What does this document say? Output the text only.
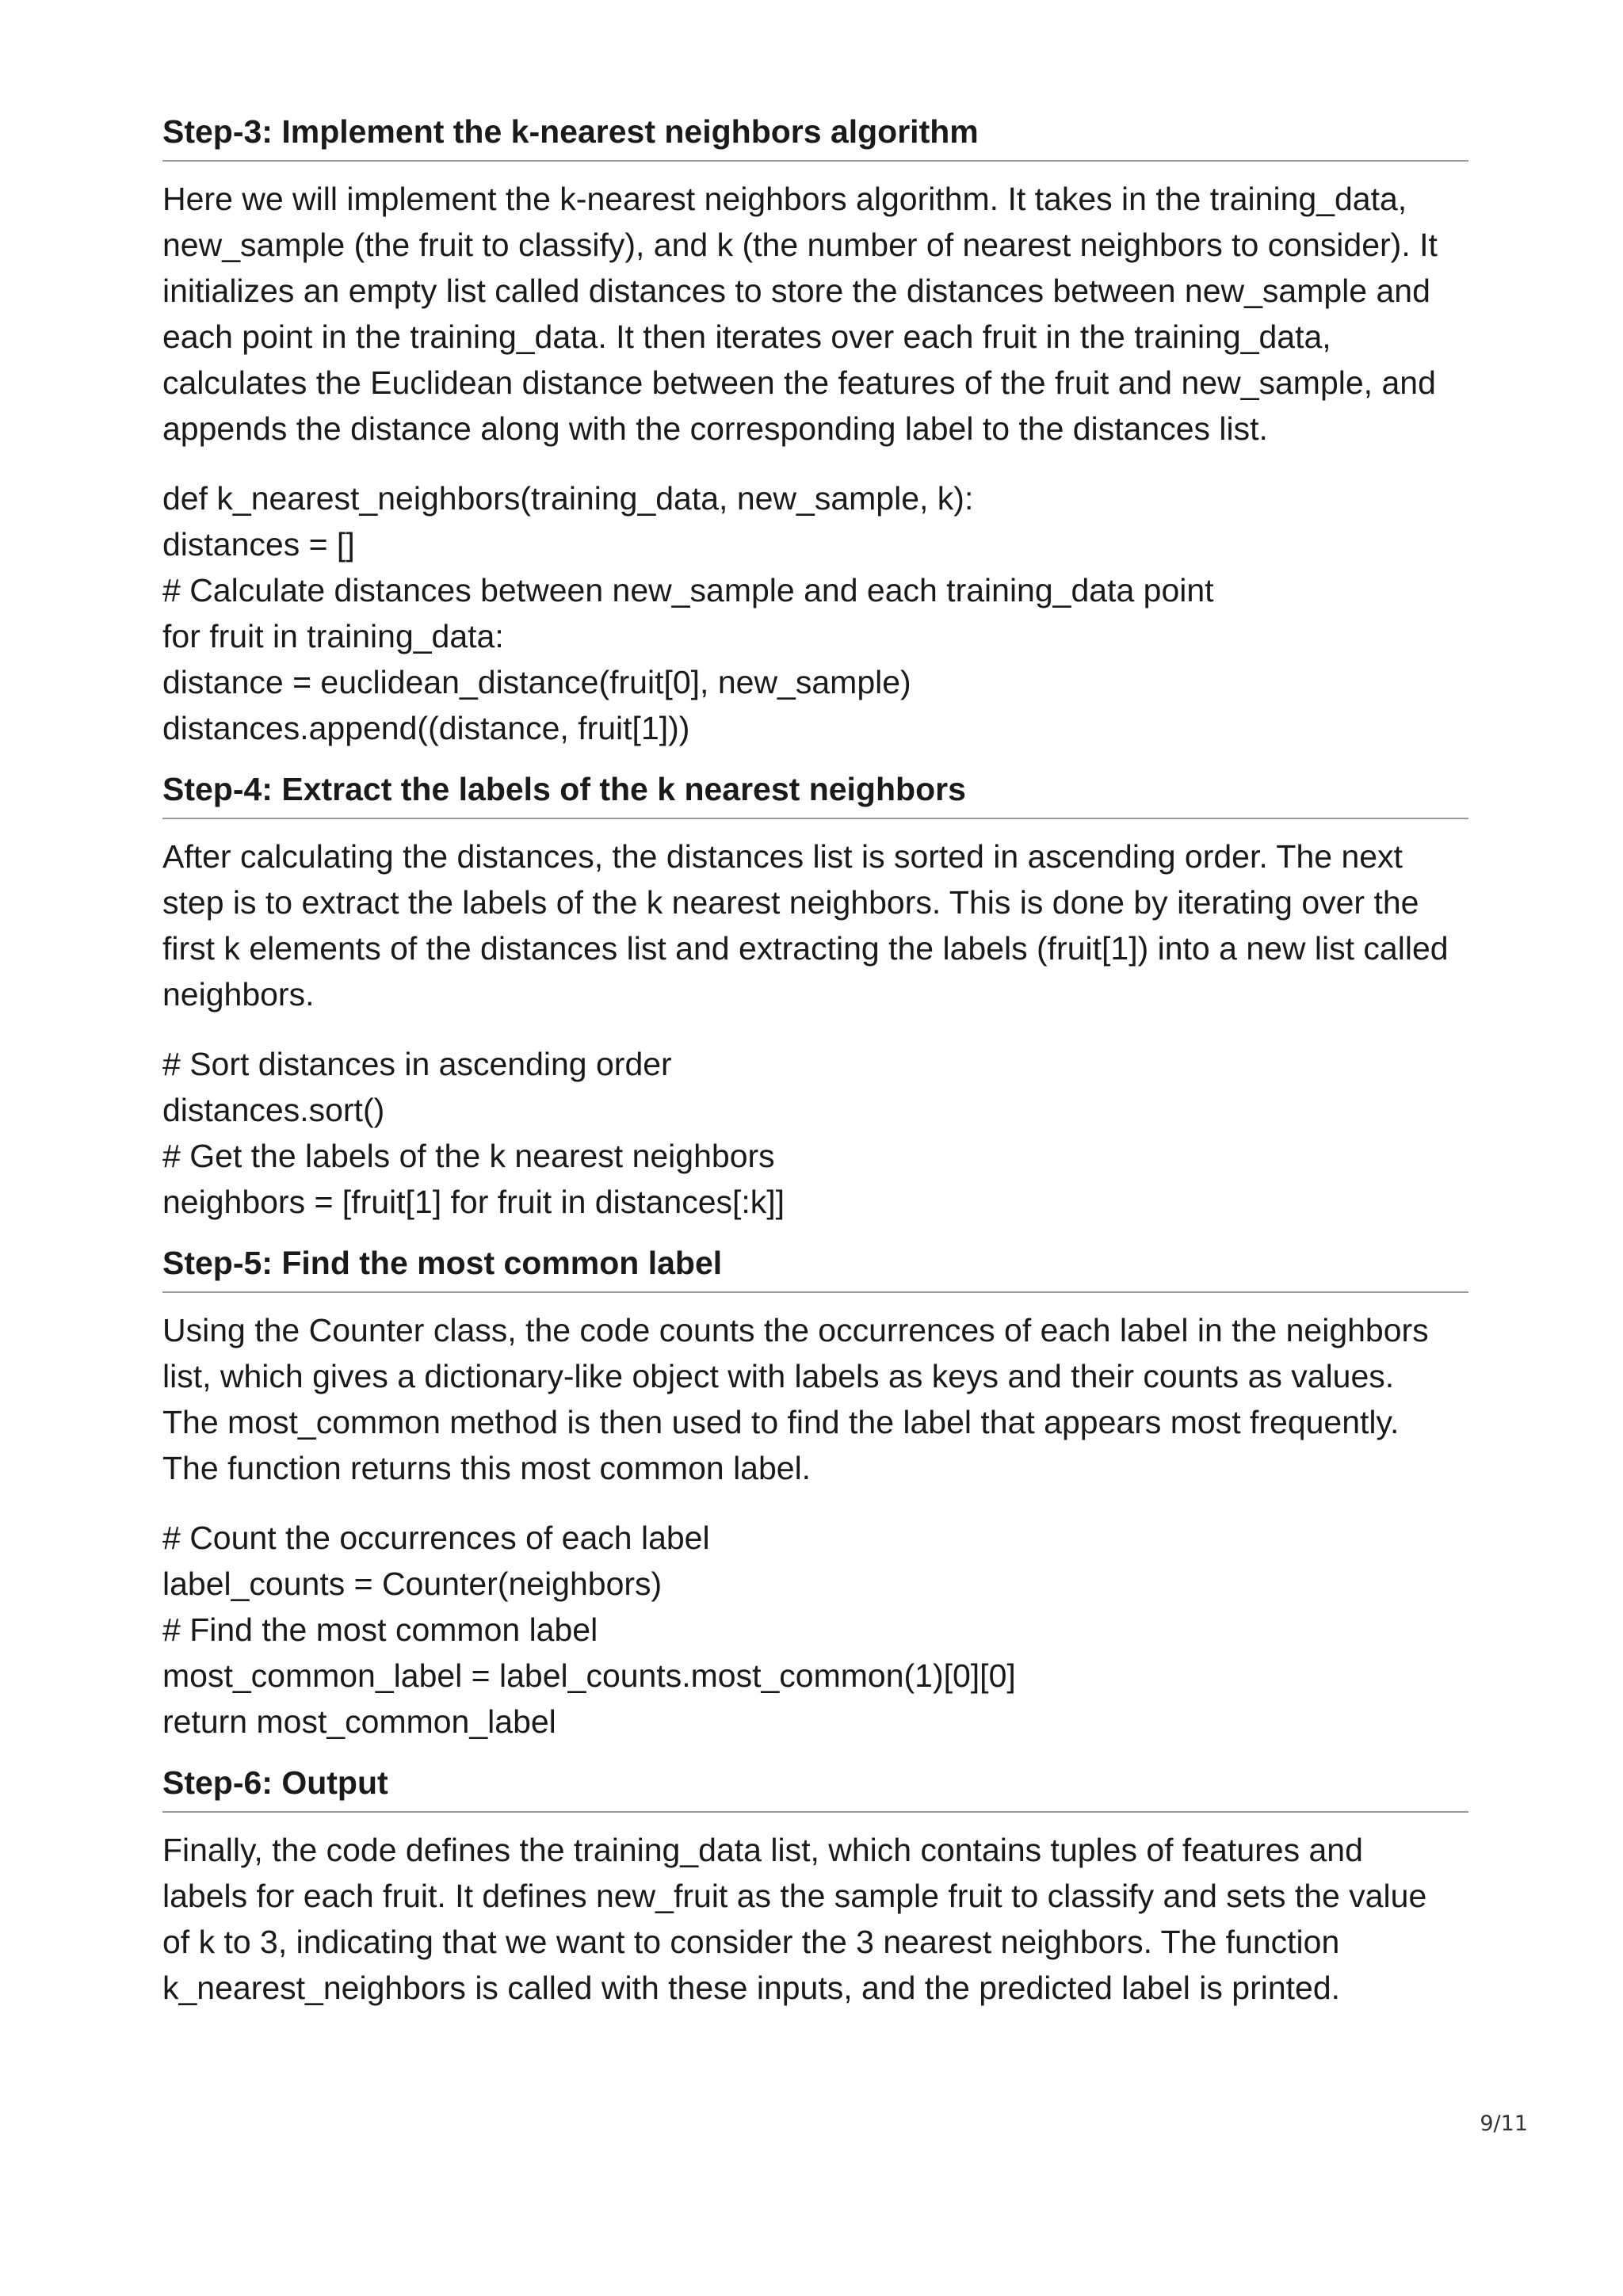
Step-3: Implement the k-nearest neighbors algorithm
Here we will implement the k-nearest neighbors algorithm. It takes in the training_data,
new_sample (the fruit to classify), and k (the number of nearest neighbors to consider). It
initializes an empty list called distances to store the distances between new_sample and
each point in the training_data. It then iterates over each fruit in the training_data,
calculates the Euclidean distance between the features of the fruit and new_sample, and
appends the distance along with the corresponding label to the distances list.
def k_nearest_neighbors(training_data, new_sample, k):
distances = []
# Calculate distances between new_sample and each training_data point
for fruit in training_data:
distance = euclidean_distance(fruit[0], new_sample)
distances.append((distance, fruit[1]))
Step-4: Extract the labels of the k nearest neighbors
After calculating the distances, the distances list is sorted in ascending order. The next
step is to extract the labels of the k nearest neighbors. This is done by iterating over the
first k elements of the distances list and extracting the labels (fruit[1]) into a new list called
neighbors.
# Sort distances in ascending order
distances.sort()
# Get the labels of the k nearest neighbors
neighbors = [fruit[1] for fruit in distances[:k]]
Step-5: Find the most common label
Using the Counter class, the code counts the occurrences of each label in the neighbors
list, which gives a dictionary-like object with labels as keys and their counts as values.
The most_common method is then used to find the label that appears most frequently.
The function returns this most common label.
# Count the occurrences of each label
label_counts = Counter(neighbors)
# Find the most common label
most_common_label = label_counts.most_common(1)[0][0]
return most_common_label
Step-6: Output
Finally, the code defines the training_data list, which contains tuples of features and
labels for each fruit. It defines new_fruit as the sample fruit to classify and sets the value
of k to 3, indicating that we want to consider the 3 nearest neighbors. The function
k_nearest_neighbors is called with these inputs, and the predicted label is printed.
9/11
